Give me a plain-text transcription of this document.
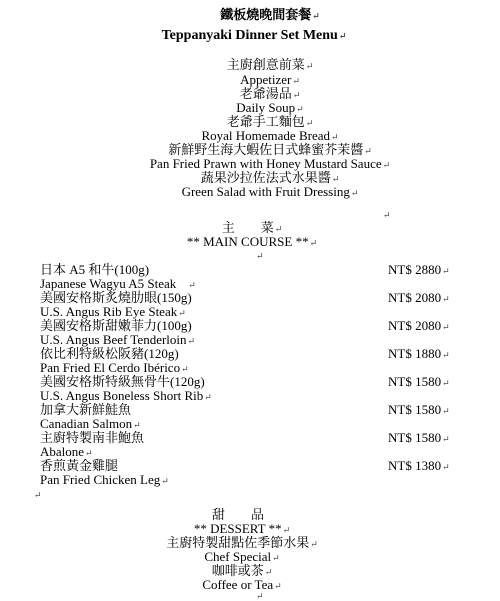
鐵板燒晚間套餐↵
Teppanyaki Dinner Set Menu↵
主廚創意前菜↵
Appetizer↵
老爺湯品↵
Daily Soup↵
老爺手工麵包↵
Royal Homemade Bread↵
新鮮野生海大蝦佐日式蜂蜜芥茉醬↵
Pan Fried Prawn with Honey Mustard Sauce↵
蔬果沙拉佐法式水果醬↵
Green Salad with Fruit Dressing↵
↵
主　　菜↵
** MAIN COURSE **↵
↵
日本 A5 和牛(100g)	NT$ 2880↵
Japanese Wagyu A5 Steak ↵
美國安格斯炙燒肋眼(150g)	NT$ 2080↵
U.S. Angus Rib Eye Steak↵
美國安格斯甜嫩菲力(100g)	NT$ 2080↵
U.S. Angus Beef Tenderloin↵
依比利特級松阪豬(120g)	NT$ 1880↵
Pan Fried El Cerdo Ibérico↵
美國安格斯特級無骨牛(120g)	NT$ 1580↵
U.S. Angus Boneless Short Rib↵
加拿大新鮮鮭魚	NT$ 1580↵
Canadian Salmon↵
主廚特製南非鮑魚	NT$ 1580↵
Abalone↵
香煎黃金雞腿	NT$ 1380↵
Pan Fried Chicken Leg↵
↵
甜　　品
** DESSERT **↵
主廚特製甜點佐季節水果↵
Chef Special↵
咖啡或茶↵
Coffee or Tea↵
↵
